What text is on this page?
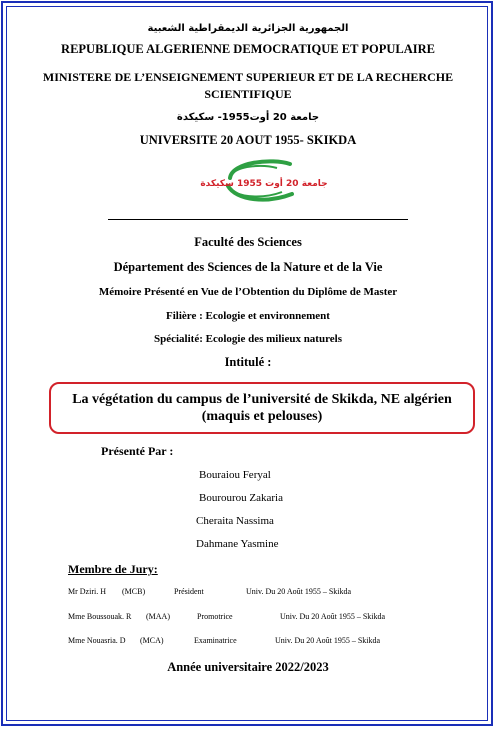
الجمهورية الجزائرية الديمقراطية الشعبية
REPUBLIQUE ALGERIENNE DEMOCRATIQUE ET POPULAIRE
MINISTERE DE L’ENSEIGNEMENT SUPERIEUR ET DE LA RECHERCHE
SCIENTIFIQUE
جامعة 20 أوت1955- سكيكدة
UNIVERSITE 20 AOUT 1955- SKIKDA
جامعة 20 أوت 1955 سكيكدة
Faculté des Sciences
Département des Sciences de la Nature et de la Vie
Mémoire Présenté en Vue de l’Obtention du Diplôme de Master
Filière : Ecologie et environnement
Spécialité: Ecologie des milieux naturels
Intitulé :
La végétation du campus de l’université de Skikda, NE algérien
(maquis et pelouses)
Présenté Par :
Bouraiou Feryal
Bourourou Zakaria
Cheraita Nassima
Dahmane Yasmine
Membre de Jury:
Mr Dziri. H (MCB)	Président	Univ. Du 20 Août 1955 – Skikda
Mme Boussouak. R (MAA)	Promotrice	Univ. Du 20 Août 1955 – Skikda
Mme Nouasria. D (MCA)	Examinatrice	Univ. Du 20 Août 1955 – Skikda
Année universitaire 2022/2023
